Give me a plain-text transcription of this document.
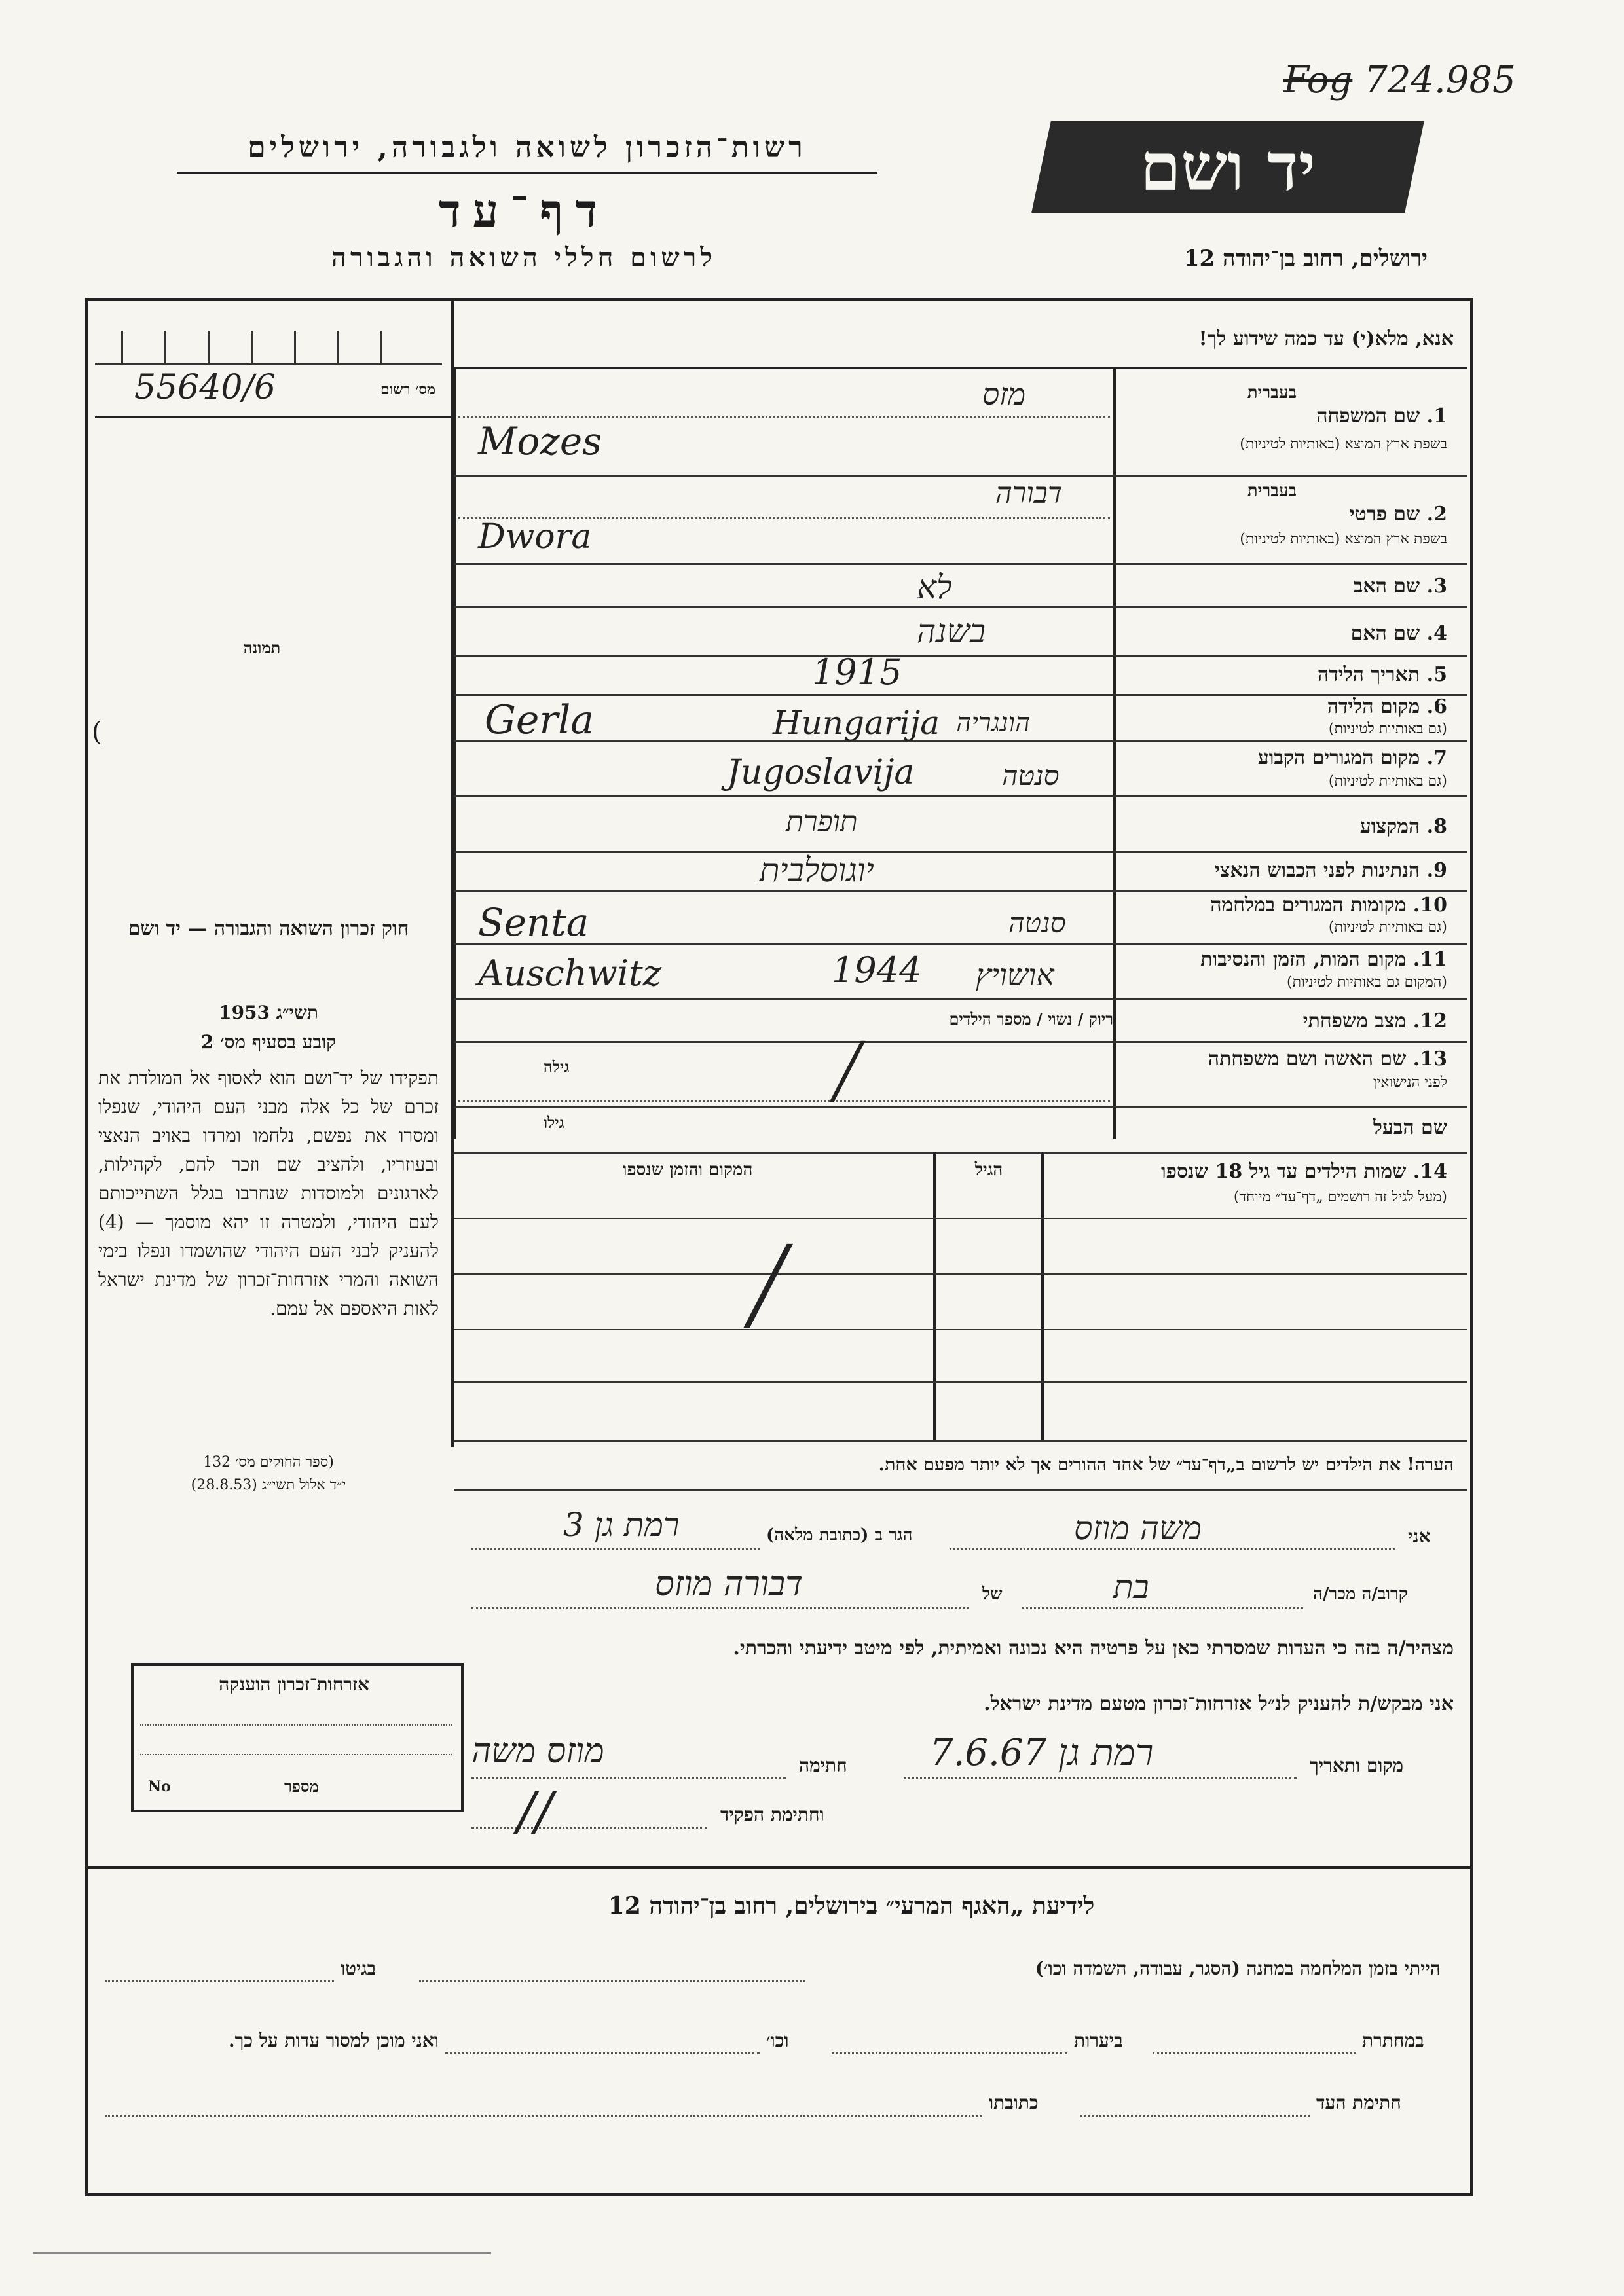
Fog 724.985
יד ושם
רשות־הזכרון לשואה ולגבורה, ירושלים
דף־עד
לרשום חללי השואה והגבורה	ירושלים, רחוב בן־יהודה 12
מס׳ רשום
55640/6
תמונה
(
חוק זכרון השואה והגבורה — יד ושם
תשי״ג 1953
קובע בסעיף מס׳ 2
תפקידו של יד־ושם הוא לאסוף אל המולדת את זכרם של כל אלה מבני העם היהודי, שנפלו ומסרו את נפשם, נלחמו ומרדו באויב הנאצי ובעוזריו, ולהציב שם וזכר להם, לקהילות, לארגונים ולמוסדות שנחרבו בגלל השתייכותם לעם היהודי, ולמטרה זו יהא מוסמך — (4) להעניק לבני העם היהודי שהושמדו ונפלו בימי השואה והמרי אזרחות־זכרון של מדינת ישראל לאות היאספם אל עמם.
(ספר החוקים מס׳ 132
י״ד אלול תשי״ג (28.8.53)
אזרחות־זכרון הוענקה
No	מספר
אנא, מלא(י) עד כמה שידוע לך!
1. שם המשפחה
בשפת ארץ המוצא (באותיות לטיניות)
בעברית
מזס
Mozes
2. שם פרטי
בשפת ארץ המוצא (באותיות לטיניות)
בעברית
דבורה
Dwora
3. שם האב
לא
4. שם האם
בשנה
5. תאריך הלידה
1915
6. מקום הלידה
(גם באותיות לטיניות)
Gerla	Hungarija הונגריה
7. מקום המגורים הקבוע
(גם באותיות לטיניות)
Jugoslavija	סנטה
8. המקצוע
תופרת
9. הנתינות לפני הכבוש הנאצי
יוגוסלבית
10. מקומות המגורים במלחמה
(גם באותיות לטיניות)
Senta	סנטה
11. מקום המות, הזמן והנסיבות
(המקום גם באותיות לטיניות)
Auschwitz	1944 אושויץ
12. מצב משפחתי
ריוק / נשוי / מספר הילדים
13. שם האשה ושם משפחתה
לפני הנישואין
גילה	╱
שם הבעל
גילו
14. שמות הילדים עד גיל 18 שנספו
(מעל לגיל זה רושמים „דף־עד״ מיוחד)
הגיל
המקום והזמן שנספו
╱
הערה! את הילדים יש לרשום ב„דף־עד״ של אחד ההורים אך לא יותר מפעם אחת.
אני
משה מוזס
הגר ב (כתובת מלאה)
רמת גן 3
קרוב/ה מכר/ה
בת
של
דבורה מוזס
מצהיר/ה בזה כי העדות שמסרתי כאן על פרטיה היא נכונה ואמיתית, לפי מיטב ידיעתי והכרתי.
אני מבקש/ת להעניק לנ״ל אזרחות־זכרון מטעם מדינת ישראל.
מקום ותאריך
רמת גן 7.6.67
חתימה
מוזס משה
וחתימת הפקיד
∕∕
לידיעת „האגף המרעי״ בירושלים, רחוב בן־יהודה 12
הייתי בזמן המלחמה במחנה (הסגר, עבודה, השמדה וכו׳)
בגיטו
במחתרת
ביערות
וכו׳
ואני מוכן למסור עדות על כך.
חתימת העד
כתובתו
